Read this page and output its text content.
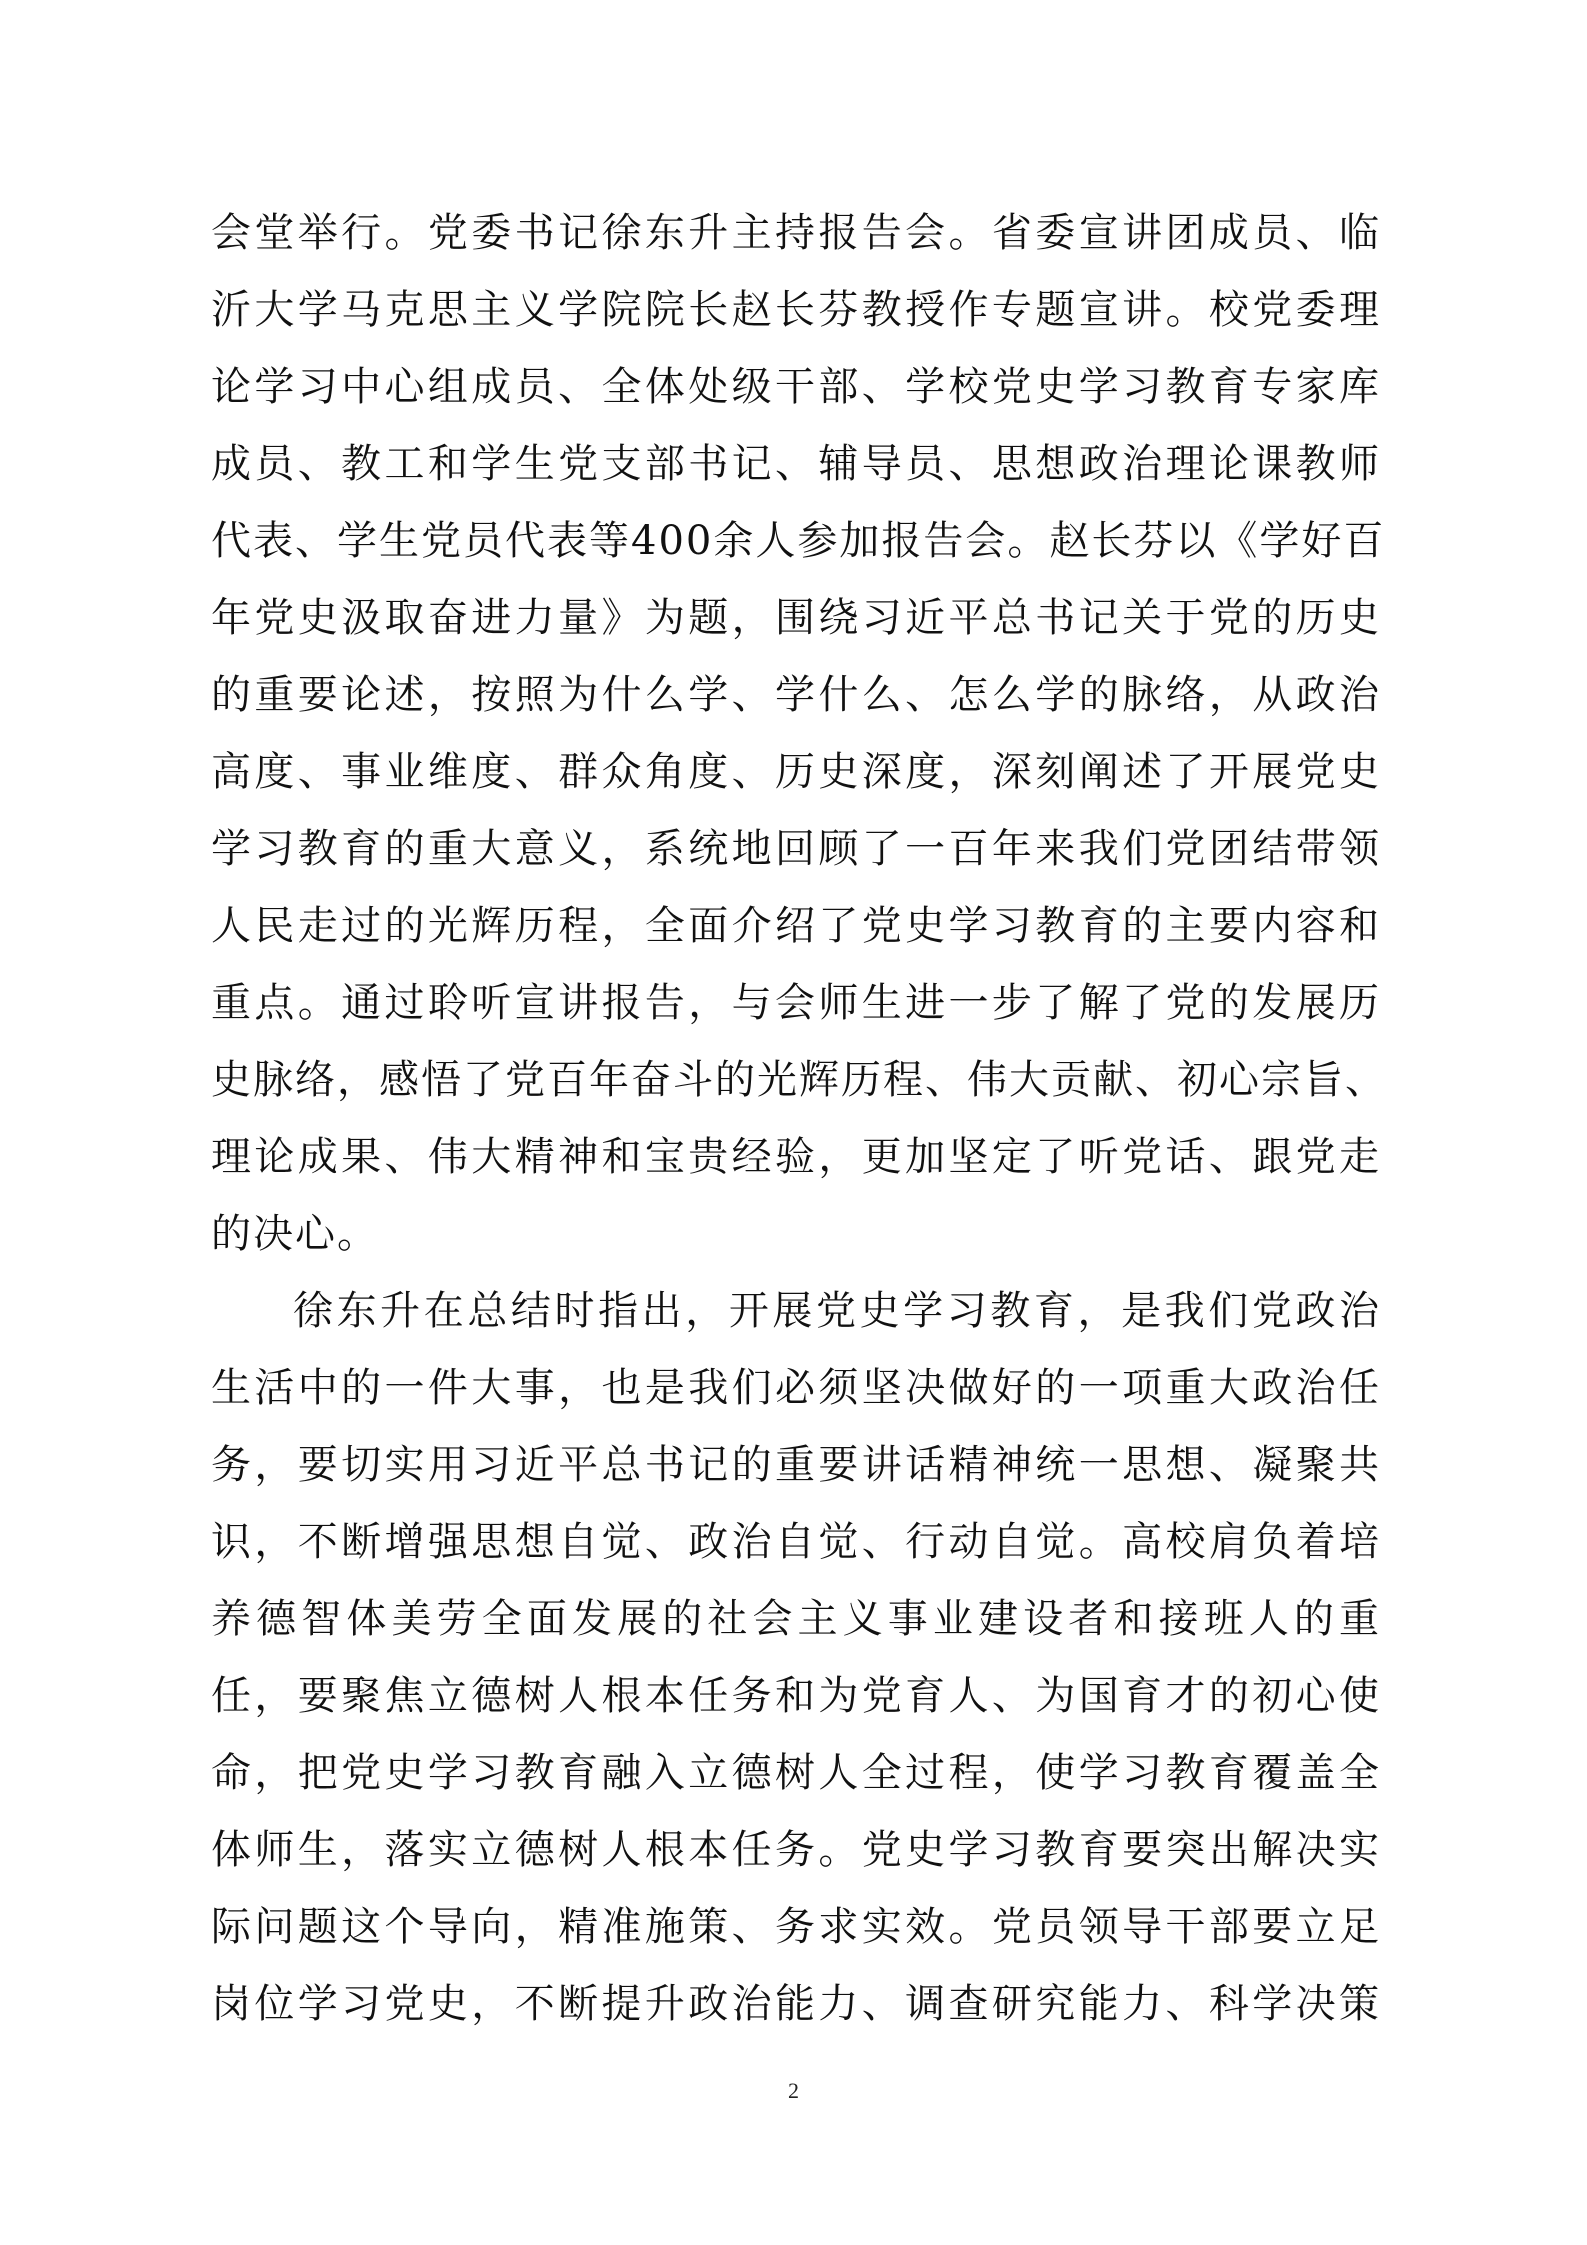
会堂举行。党委书记徐东升主持报告会。省委宣讲团成员、临
沂大学马克思主义学院院长赵长芬教授作专题宣讲。校党委理
论学习中心组成员、全体处级干部、学校党史学习教育专家库
成员、教工和学生党支部书记、辅导员、思想政治理论课教师
代表、学生党员代表等400余人参加报告会。赵长芬以《学好百
年党史汲取奋进力量》为题，围绕习近平总书记关于党的历史
的重要论述，按照为什么学、学什么、怎么学的脉络，从政治
高度、事业维度、群众角度、历史深度，深刻阐述了开展党史
学习教育的重大意义，系统地回顾了一百年来我们党团结带领
人民走过的光辉历程，全面介绍了党史学习教育的主要内容和
重点。通过聆听宣讲报告，与会师生进一步了解了党的发展历
史脉络，感悟了党百年奋斗的光辉历程、伟大贡献、初心宗旨、
理论成果、伟大精神和宝贵经验，更加坚定了听党话、跟党走
的决心。
徐东升在总结时指出，开展党史学习教育，是我们党政治
生活中的一件大事，也是我们必须坚决做好的一项重大政治任
务，要切实用习近平总书记的重要讲话精神统一思想、凝聚共
识，不断增强思想自觉、政治自觉、行动自觉。高校肩负着培
养德智体美劳全面发展的社会主义事业建设者和接班人的重
任，要聚焦立德树人根本任务和为党育人、为国育才的初心使
命，把党史学习教育融入立德树人全过程，使学习教育覆盖全
体师生，落实立德树人根本任务。党史学习教育要突出解决实
际问题这个导向，精准施策、务求实效。党员领导干部要立足
岗位学习党史，不断提升政治能力、调查研究能力、科学决策
2
